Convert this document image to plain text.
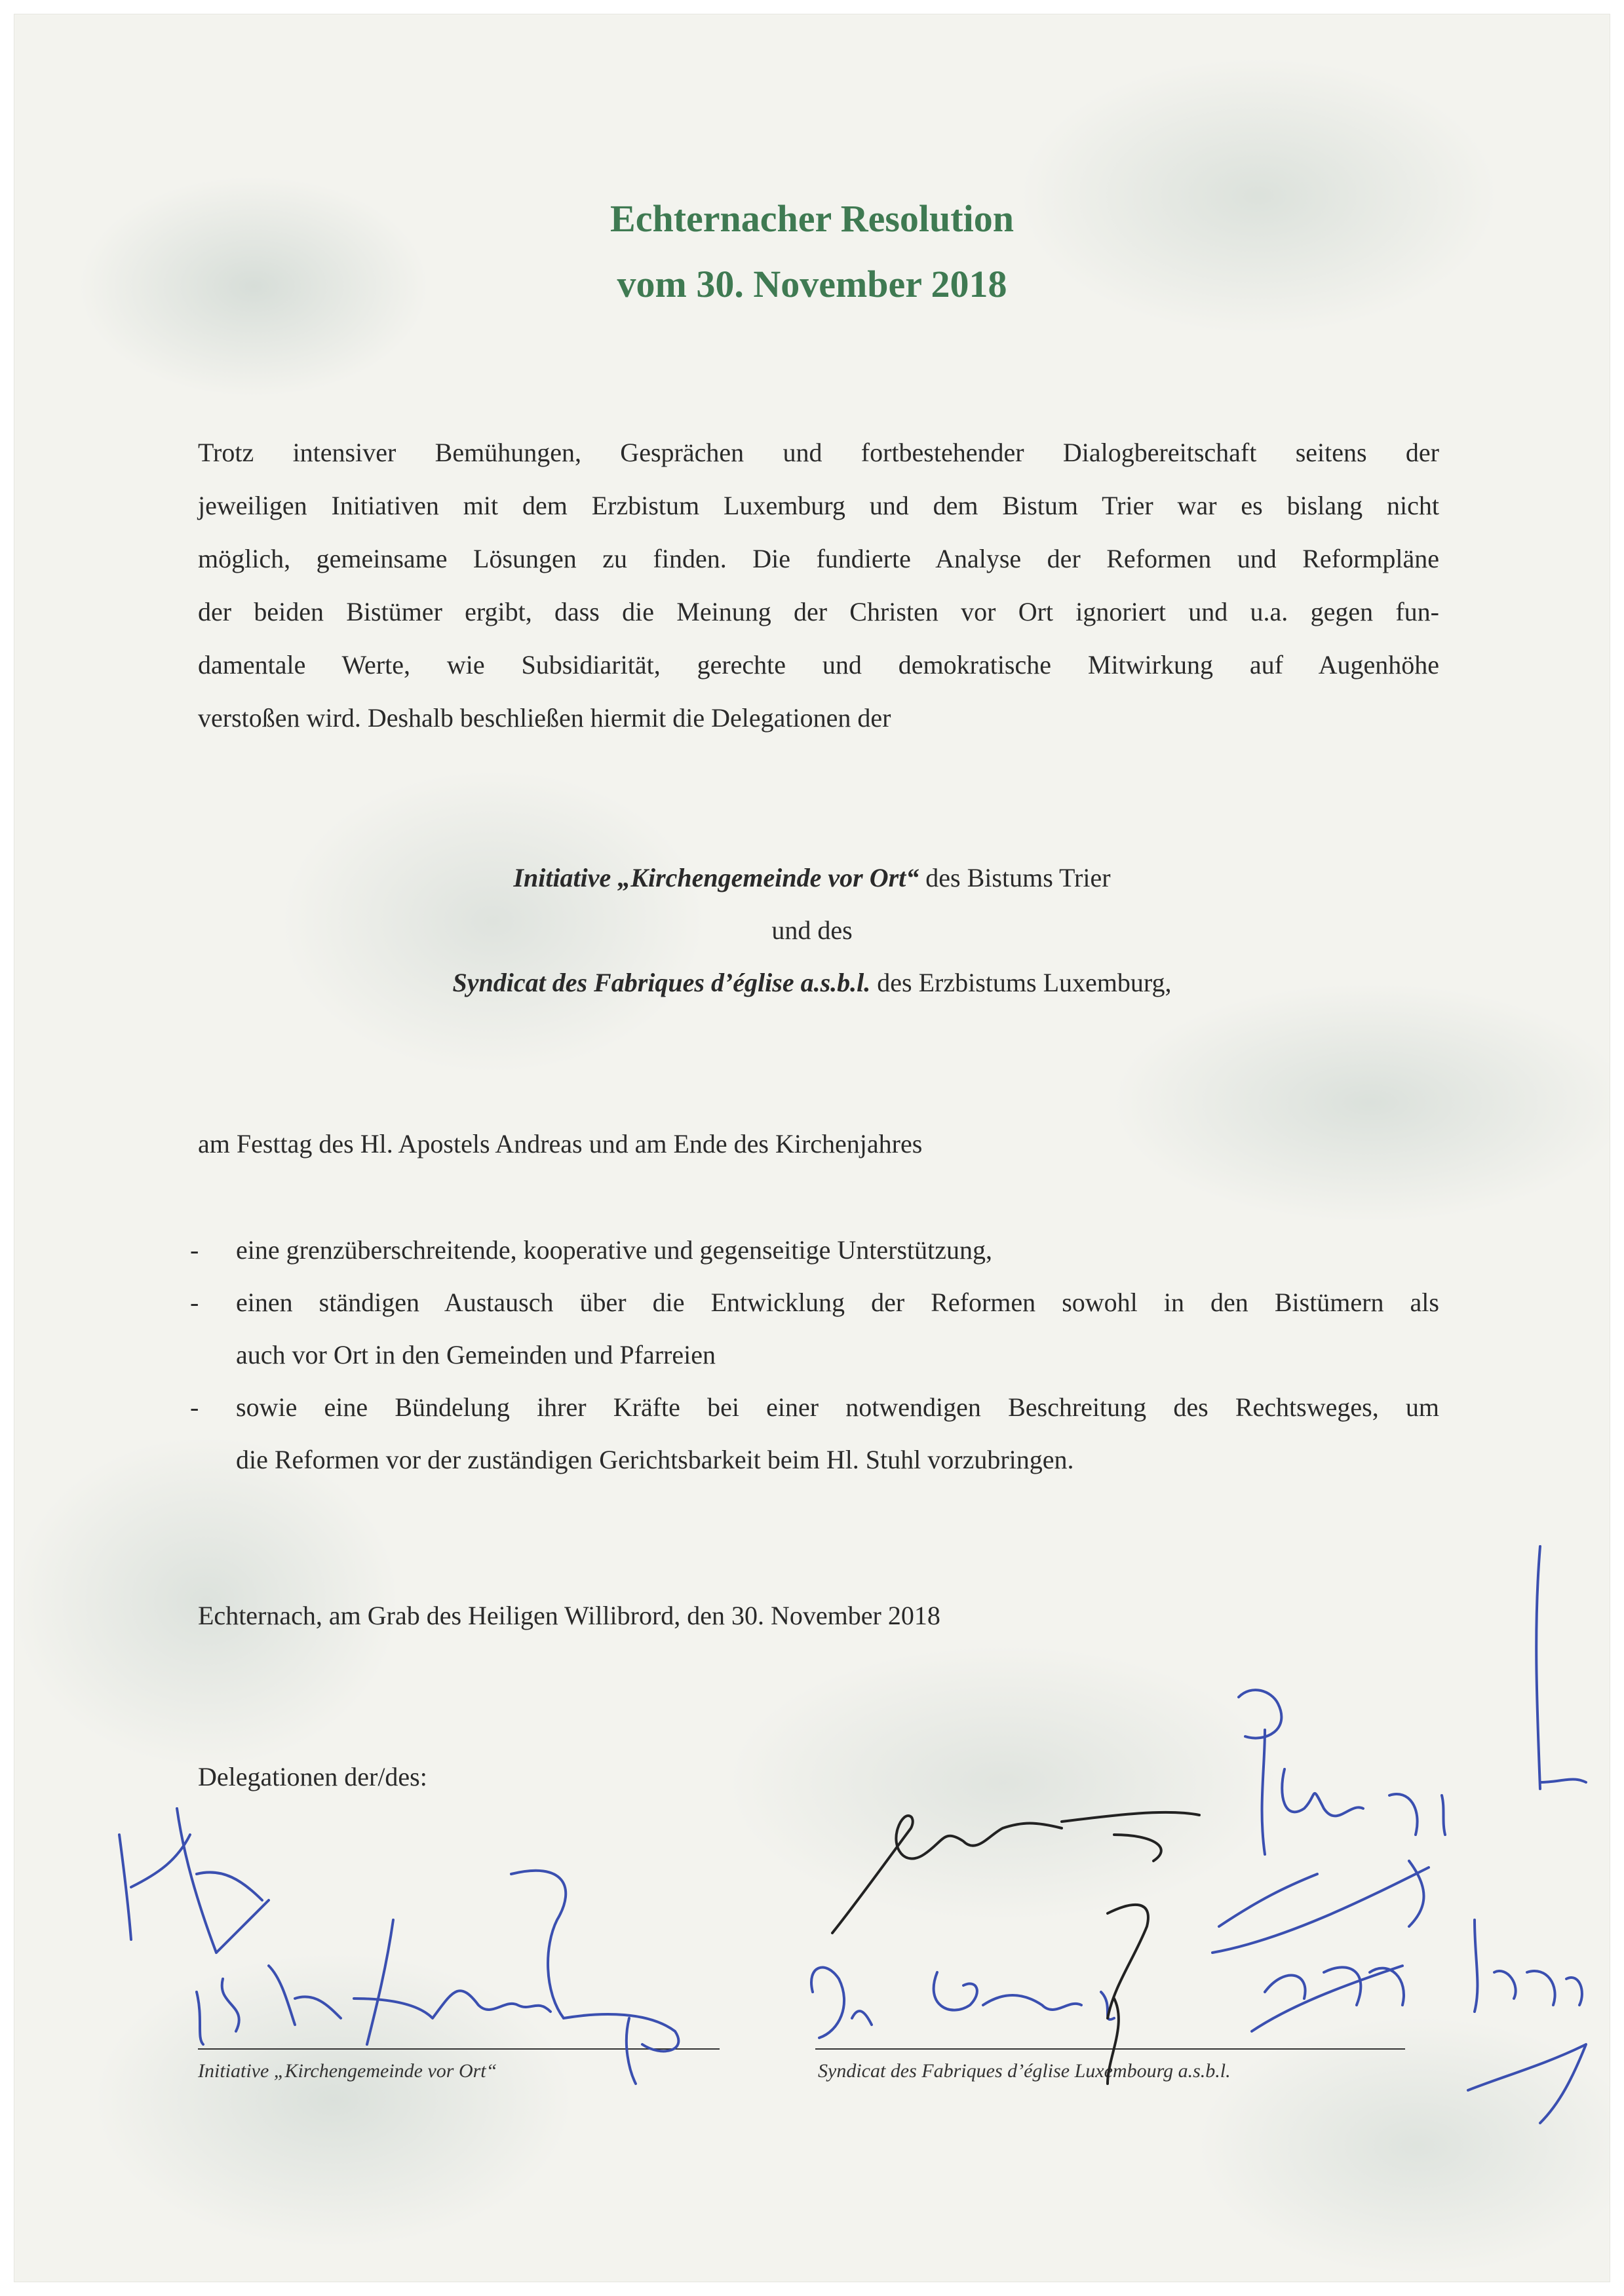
Echternacher Resolution
vom 30. November 2018
Trotz intensiver Bemühungen, Gesprächen und fortbestehender Dialogbereitschaft seitens der
jeweiligen Initiativen mit dem Erzbistum Luxemburg und dem Bistum Trier war es bislang nicht
möglich, gemeinsame Lösungen zu finden. Die fundierte Analyse der Reformen und Reformpläne
der beiden Bistümer ergibt, dass die Meinung der Christen vor Ort ignoriert und u.a. gegen fun-
damentale Werte, wie Subsidiarität, gerechte und demokratische Mitwirkung auf Augenhöhe
verstoßen wird. Deshalb beschließen hiermit die Delegationen der
Initiative „Kirchengemeinde vor Ort“ des Bistums Trier
und des
Syndicat des Fabriques d’église a.s.b.l. des Erzbistums Luxemburg,
am Festtag des Hl. Apostels Andreas und am Ende des Kirchenjahres
- eine grenzüberschreitende, kooperative und gegenseitige Unterstützung,
- einen ständigen Austausch über die Entwicklung der Reformen sowohl in den Bistümern als
auch vor Ort in den Gemeinden und Pfarreien
- sowie eine Bündelung ihrer Kräfte bei einer notwendigen Beschreitung des Rechtsweges, um
die Reformen vor der zuständigen Gerichtsbarkeit beim Hl. Stuhl vorzubringen.
Echternach, am Grab des Heiligen Willibrord, den 30. November 2018
Delegationen der/des:
Initiative „Kirchengemeinde vor Ort“	Syndicat des Fabriques d’église Luxembourg a.s.b.l.
